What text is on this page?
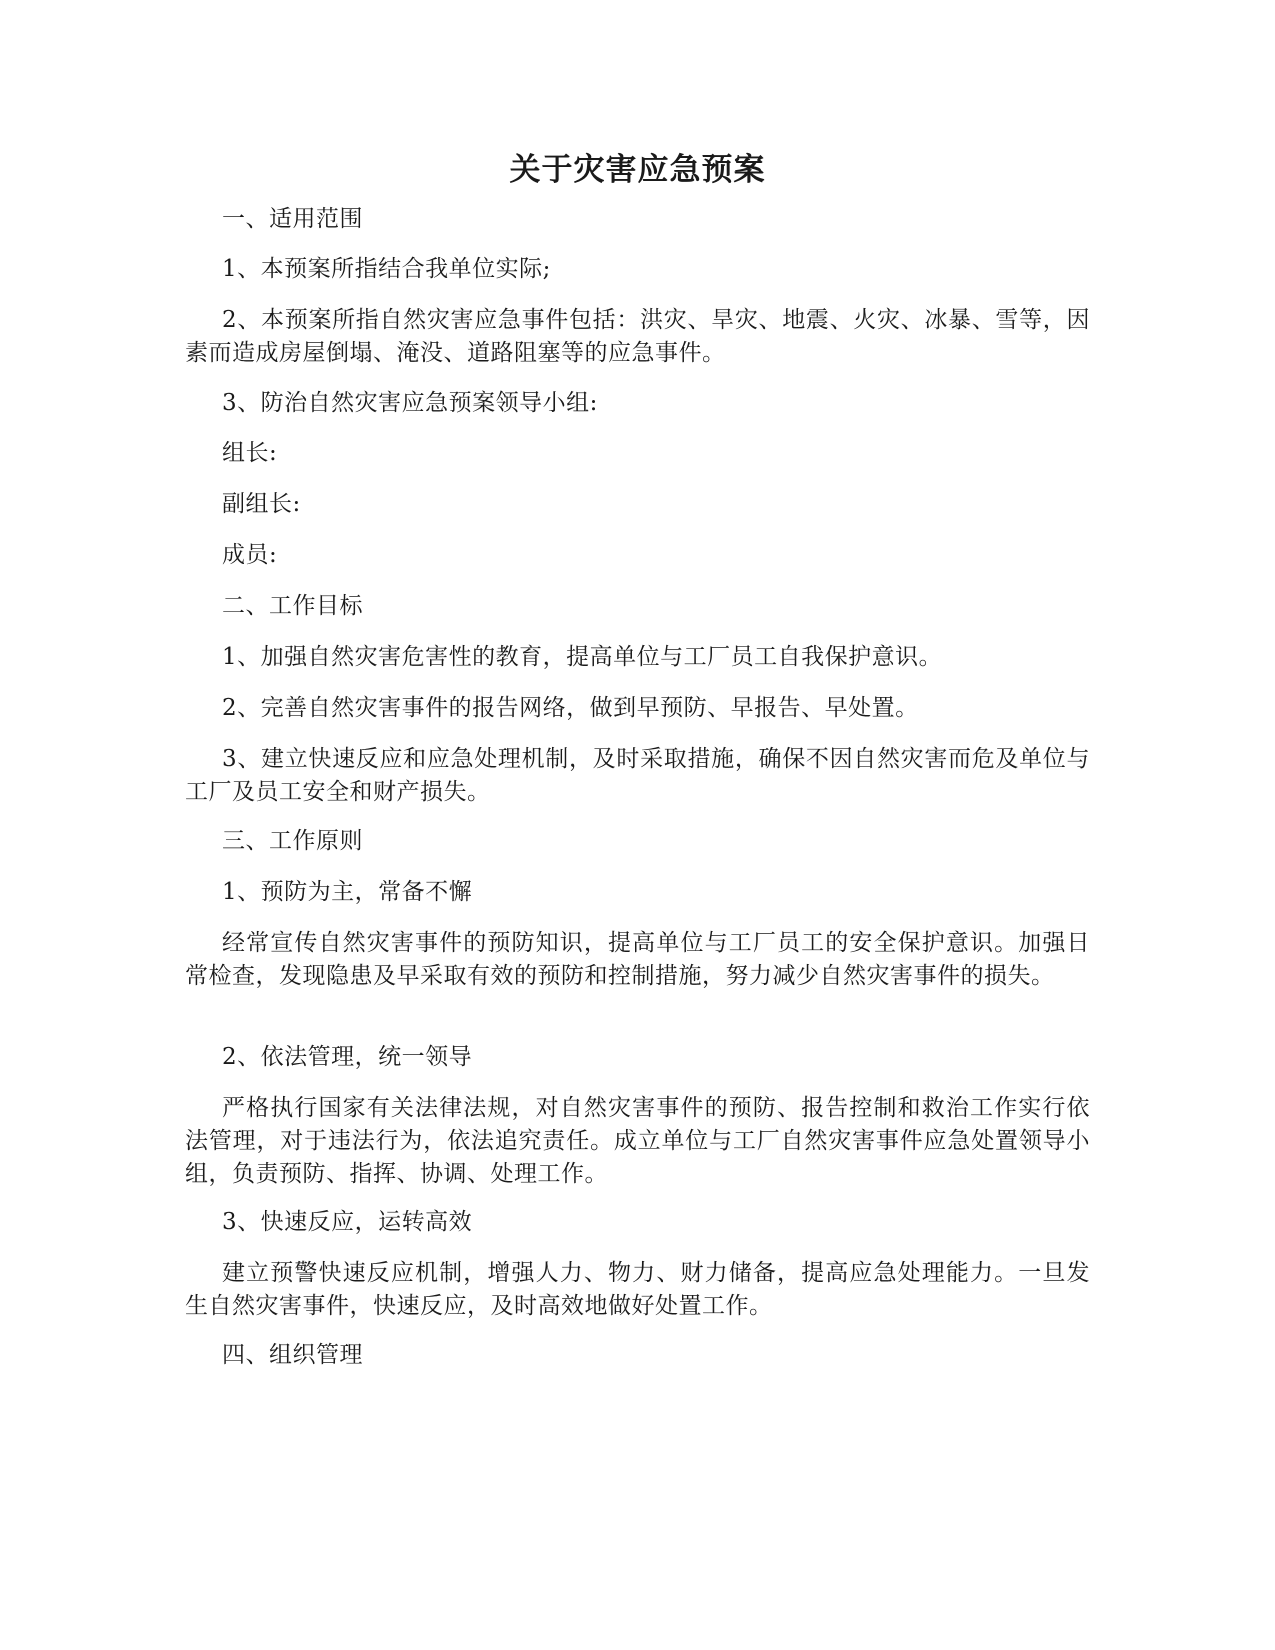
关于灾害应急预案

一、适用范围

1、本预案所指结合我单位实际;

2、本预案所指自然灾害应急事件包括：洪灾、旱灾、地震、火灾、冰暴、雪等，因素而造成房屋倒塌、淹没、道路阻塞等的应急事件。

3、防治自然灾害应急预案领导小组:

组长:

副组长:

成员:

二、工作目标

1、加强自然灾害危害性的教育，提高单位与工厂员工自我保护意识。

2、完善自然灾害事件的报告网络，做到早预防、早报告、早处置。

3、建立快速反应和应急处理机制，及时采取措施，确保不因自然灾害而危及单位与工厂及员工安全和财产损失。

三、工作原则

1、预防为主，常备不懈

经常宣传自然灾害事件的预防知识，提高单位与工厂员工的安全保护意识。加强日常检查，发现隐患及早采取有效的预防和控制措施，努力减少自然灾害事件的损失。

2、依法管理，统一领导

严格执行国家有关法律法规，对自然灾害事件的预防、报告控制和救治工作实行依法管理，对于违法行为，依法追究责任。成立单位与工厂自然灾害事件应急处置领导小组，负责预防、指挥、协调、处理工作。

3、快速反应，运转高效

建立预警快速反应机制，增强人力、物力、财力储备，提高应急处理能力。一旦发生自然灾害事件，快速反应，及时高效地做好处置工作。

四、组织管理
